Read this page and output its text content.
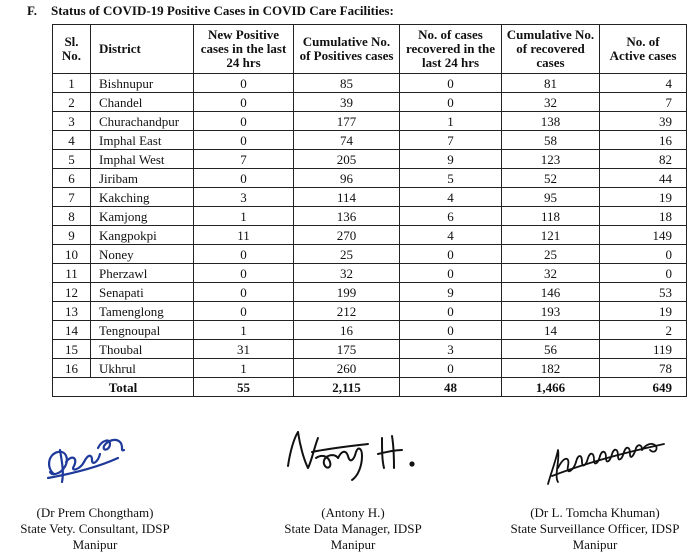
F. Status of COVID-19 Positive Cases in COVID Care Facilities:
Sl.
No.	District	New Positive
cases in the last
24 hrs	Cumulative No.
of Positives cases	No. of cases
recovered in the
last 24 hrs	Cumulative No.
of recovered
cases	No. of
Active cases
1	Bishnupur	0	85	0	81	4
2	Chandel	0	39	0	32	7
3	Churachandpur	0	177	1	138	39
4	Imphal East	0	74	7	58	16
5	Imphal West	7	205	9	123	82
6	Jiribam	0	96	5	52	44
7	Kakching	3	114	4	95	19
8	Kamjong	1	136	6	118	18
9	Kangpokpi	11	270	4	121	149
10	Noney	0	25	0	25	0
11	Pherzawl	0	32	0	32	0
12	Senapati	0	199	9	146	53
13	Tamenglong	0	212	0	193	19
14	Tengnoupal	1	16	0	14	2
15	Thoubal	31	175	3	56	119
16	Ukhrul	1	260	0	182	78
Total		55	2,115	48	1,466	649
(Dr Prem Chongtham)
State Vety. Consultant, IDSP
Manipur
(Antony H.)
State Data Manager, IDSP
Manipur
(Dr L. Tomcha Khuman)
State Surveillance Officer, IDSP
Manipur
